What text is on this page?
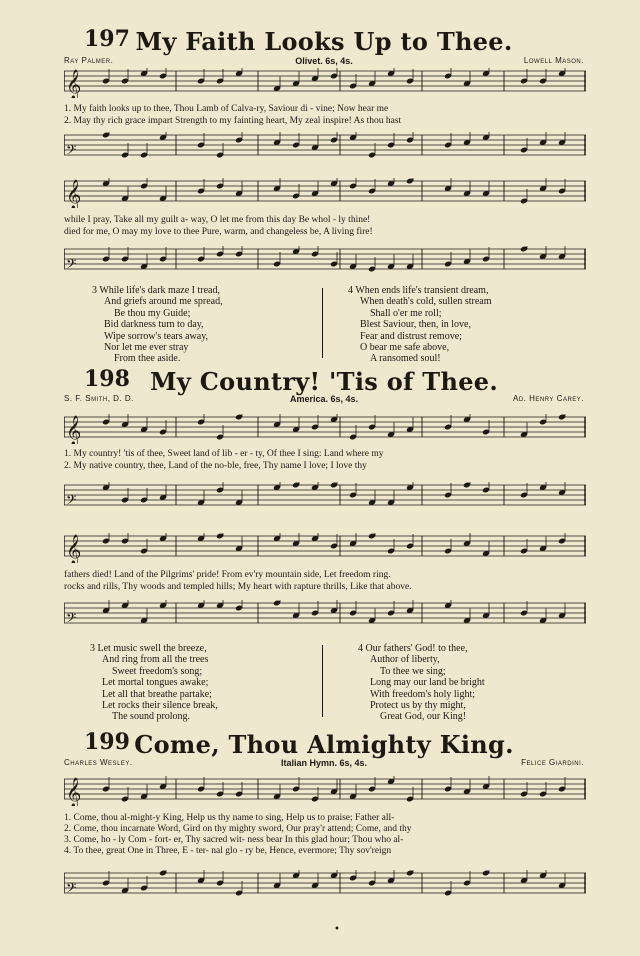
197 My Faith Looks Up to Thee.
Ray Palmer.	Olivet. 6s, 4s.	Lowell Mason.
𝄞
1. My faith looks up to thee, Thou Lamb of Calva-ry, Saviour di - vine; Now hear me
2. May thy rich grace impart Strength to my fainting heart, My zeal inspire! As thou hast
𝄢
𝄞
while I pray, Take all my guilt a- way, O let me from this day Be whol - ly thine!
died for me, O may my love to thee Pure, warm, and changeless be, A living fire!
𝄢
3 While life's dark maze I tread,
And griefs around me spread,
Be thou my Guide;
Bid darkness turn to day,
Wipe sorrow's tears away,
Nor let me ever stray
From thee aside.
4 When ends life's transient dream,
When death's cold, sullen stream
Shall o'er me roll;
Blest Saviour, then, in love,
Fear and distrust remove;
O bear me safe above,
A ransomed soul!
198 My Country! 'Tis of Thee.
S. F. Smith, D. D.	America. 6s, 4s.	Ad. Henry Carey.
𝄞
1. My country! 'tis of thee, Sweet land of lib - er - ty, Of thee I sing: Land where my
2. My native country, thee, Land of the no-ble, free, Thy name I love; I love thy
𝄢
𝄞
fathers died! Land of the Pilgrims' pride! From ev'ry mountain side, Let freedom ring.
rocks and rills, Thy woods and templed hills; My heart with rapture thrills, Like that above.
𝄢
3 Let music swell the breeze,
And ring from all the trees
Sweet freedom's song;
Let mortal tongues awake;
Let all that breathe partake;
Let rocks their silence break,
The sound prolong.
4 Our fathers' God! to thee,
Author of liberty,
To thee we sing;
Long may our land be bright
With freedom's holy light;
Protect us by thy might,
Great God, our King!
199 Come, Thou Almighty King.
Charles Wesley.	Italian Hymn. 6s, 4s.	Felice Giardini.
𝄞
1. Come, thou al-might-y King, Help us thy name to sing, Help us to praise; Father all-
2. Come, thou incarnate Word, Gird on thy mighty sword, Our pray'r attend; Come, and thy
3. Come, ho - ly Com - fort- er, Thy sacred wit- ness bear In this glad hour; Thou who al-
4. To thee, great One in Three, E - ter- nal glo - ry be, Hence, evermore; Thy sov'reign
𝄢
•
